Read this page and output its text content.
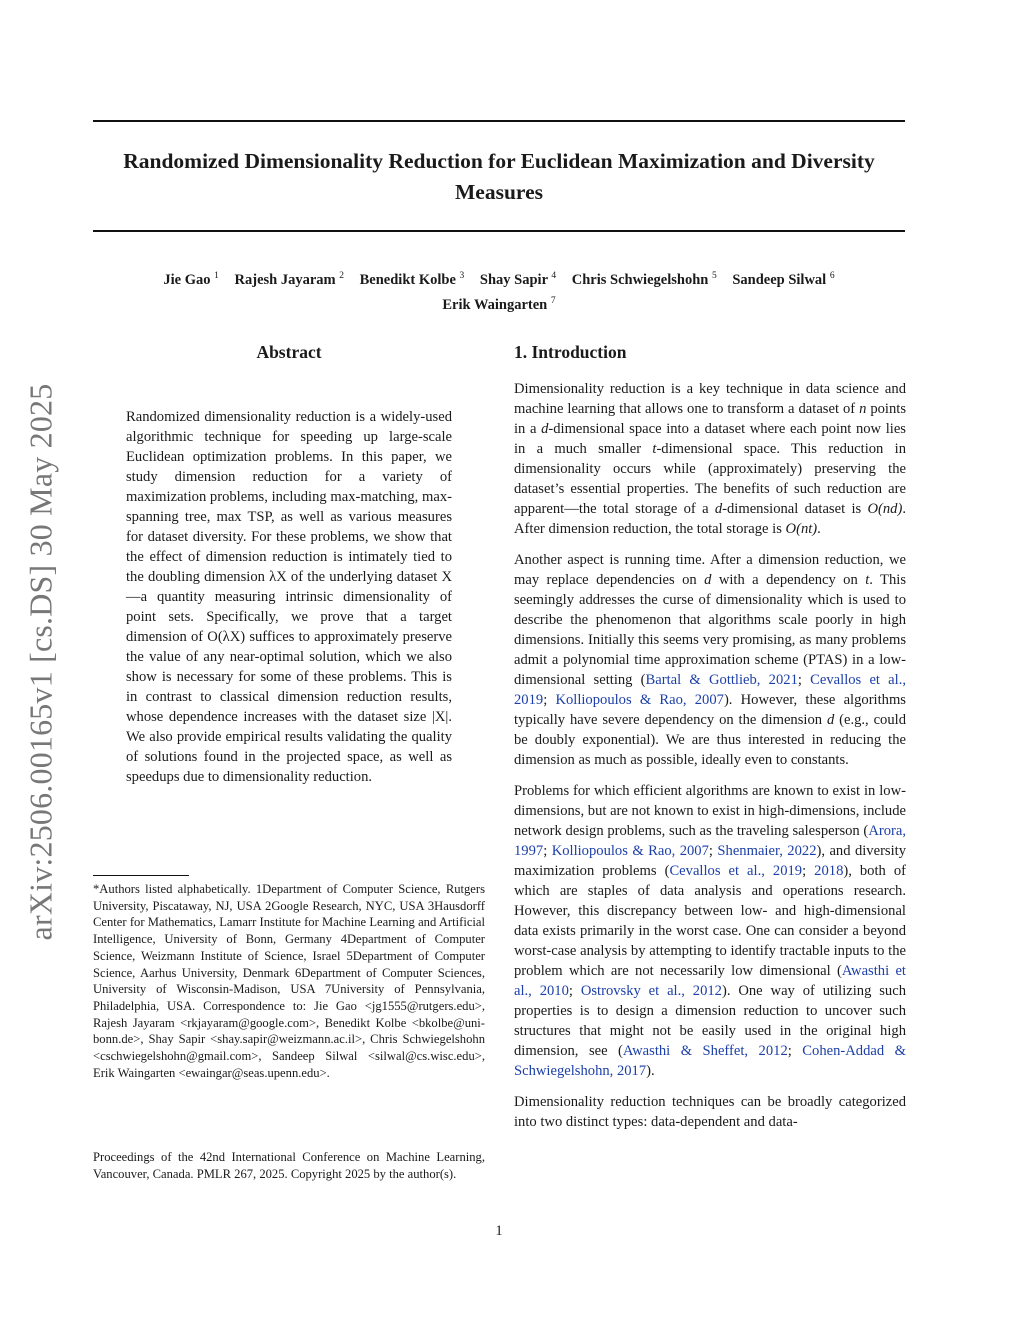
Randomized Dimensionality Reduction for Euclidean Maximization and Diversity Measures
Jie Gao $^1$ Rajesh Jayaram $^2$ Benedikt Kolbe $^3$ Shay Sapir $^4$ Chris Schwiegelshohn $^5$ Sandeep Silwal $^6$
Erik Waingarten $^7$
arXiv:2506.00165v1 [cs.DS] 30 May 2025
Abstract

Randomized dimensionality reduction is a widely-used algorithmic technique for speeding up large-scale Euclidean optimization problems. In this paper, we study dimension reduction for a variety of maximization problems, including max-matching, max-spanning tree, max TSP, as well as various measures for dataset diversity. For these problems, we show that the effect of dimension reduction is intimately tied to the doubling dimension λX of the underlying dataset X—a quantity measuring intrinsic dimensionality of point sets. Specifically, we prove that a target dimension of O(λX) suffices to approximately preserve the value of any near-optimal solution, which we also show is necessary for some of these problems. This is in contrast to classical dimension reduction results, whose dependence increases with the dataset size |X|. We also provide empirical results validating the quality of solutions found in the projected space, as well as speedups due to dimensionality reduction.

*Authors listed alphabetically. 1Department of Computer Science, Rutgers University, Piscataway, NJ, USA 2Google Research, NYC, USA 3Hausdorff Center for Mathematics, Lamarr Institute for Machine Learning and Artificial Intelligence, University of Bonn, Germany 4Department of Computer Science, Weizmann Institute of Science, Israel 5Department of Computer Science, Aarhus University, Denmark 6Department of Computer Sciences, University of Wisconsin-Madison, USA 7University of Pennsylvania, Philadelphia, USA. Correspondence to: Jie Gao <jg1555@rutgers.edu>, Rajesh Jayaram <rkjayaram@google.com>, Benedikt Kolbe <bkolbe@uni-bonn.de>, Shay Sapir <shay.sapir@weizmann.ac.il>, Chris Schwiegelshohn <cschwiegelshohn@gmail.com>, Sandeep Silwal <silwal@cs.wisc.edu>, Erik Waingarten <ewaingar@seas.upenn.edu>.

Proceedings of the 42nd International Conference on Machine Learning, Vancouver, Canada. PMLR 267, 2025. Copyright 2025 by the author(s).

1. Introduction

Dimensionality reduction is a key technique in data science and machine learning that allows one to transform a dataset of n points in a d-dimensional space into a dataset where each point now lies in a much smaller t-dimensional space. This reduction in dimensionality occurs while (approximately) preserving the dataset’s essential properties. The benefits of such reduction are apparent—the total storage of a d-dimensional dataset is O(nd). After dimension reduction, the total storage is O(nt).

Another aspect is running time. After a dimension reduction, we may replace dependencies on d with a dependency on t. This seemingly addresses the curse of dimensionality which is used to describe the phenomenon that algorithms scale poorly in high dimensions. Initially this seems very promising, as many problems admit a polynomial time approximation scheme (PTAS) in a low-dimensional setting (Bartal & Gottlieb, 2021; Cevallos et al., 2019; Kolliopoulos & Rao, 2007). However, these algorithms typically have severe dependency on the dimension d (e.g., could be doubly exponential). We are thus interested in reducing the dimension as much as possible, ideally even to constants.

Problems for which efficient algorithms are known to exist in low-dimensions, but are not known to exist in high-dimensions, include network design problems, such as the traveling salesperson (Arora, 1997; Kolliopoulos & Rao, 2007; Shenmaier, 2022), and diversity maximization problems (Cevallos et al., 2019; 2018), both of which are staples of data analysis and operations research. However, this discrepancy between low- and high-dimensional data exists primarily in the worst case. One can consider a beyond worst-case analysis by attempting to identify tractable inputs to the problem which are not necessarily low dimensional (Awasthi et al., 2010; Ostrovsky et al., 2012). One way of utilizing such properties is to design a dimension reduction to uncover such structures that might not be easily used in the original high dimension, see (Awasthi & Sheffet, 2012; Cohen-Addad & Schwiegelshohn, 2017).

Dimensionality reduction techniques can be broadly categorized into two distinct types: data-dependent and data-

1
